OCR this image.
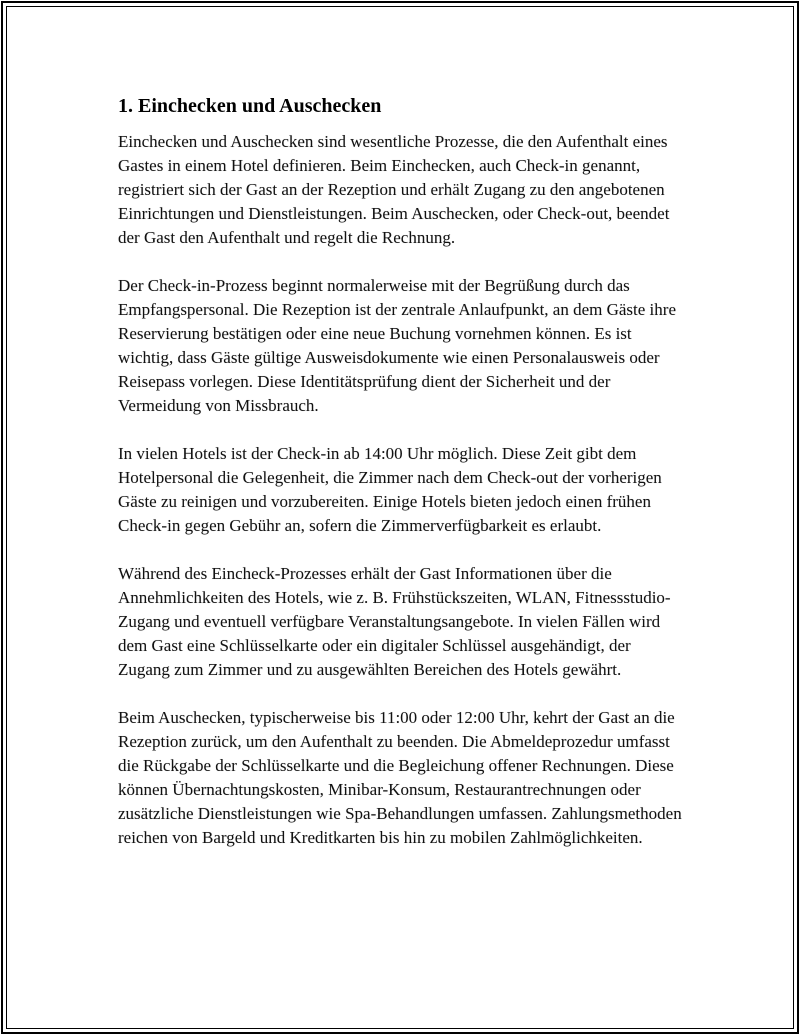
1. Einchecken und Auschecken

Einchecken und Auschecken sind wesentliche Prozesse, die den Aufenthalt eines Gastes in einem Hotel definieren. Beim Einchecken, auch Check-in genannt, registriert sich der Gast an der Rezeption und erhält Zugang zu den angebotenen Einrichtungen und Dienstleistungen. Beim Auschecken, oder Check-out, beendet der Gast den Aufenthalt und regelt die Rechnung.

Der Check-in-Prozess beginnt normalerweise mit der Begrüßung durch das Empfangspersonal. Die Rezeption ist der zentrale Anlaufpunkt, an dem Gäste ihre Reservierung bestätigen oder eine neue Buchung vornehmen können. Es ist wichtig, dass Gäste gültige Ausweisdokumente wie einen Personalausweis oder Reisepass vorlegen. Diese Identitätsprüfung dient der Sicherheit und der Vermeidung von Missbrauch.

In vielen Hotels ist der Check-in ab 14:00 Uhr möglich. Diese Zeit gibt dem Hotelpersonal die Gelegenheit, die Zimmer nach dem Check-out der vorherigen Gäste zu reinigen und vorzubereiten. Einige Hotels bieten jedoch einen frühen Check-in gegen Gebühr an, sofern die Zimmerverfügbarkeit es erlaubt.

Während des Eincheck-Prozesses erhält der Gast Informationen über die Annehmlichkeiten des Hotels, wie z. B. Frühstückszeiten, WLAN, Fitnessstudio-Zugang und eventuell verfügbare Veranstaltungsangebote. In vielen Fällen wird dem Gast eine Schlüsselkarte oder ein digitaler Schlüssel ausgehändigt, der Zugang zum Zimmer und zu ausgewählten Bereichen des Hotels gewährt.

Beim Auschecken, typischerweise bis 11:00 oder 12:00 Uhr, kehrt der Gast an die Rezeption zurück, um den Aufenthalt zu beenden. Die Abmeldeprozedur umfasst die Rückgabe der Schlüsselkarte und die Begleichung offener Rechnungen. Diese können Übernachtungskosten, Minibar-Konsum, Restaurantrechnungen oder zusätzliche Dienstleistungen wie Spa-Behandlungen umfassen. Zahlungsmethoden reichen von Bargeld und Kreditkarten bis hin zu mobilen Zahlmöglichkeiten.
